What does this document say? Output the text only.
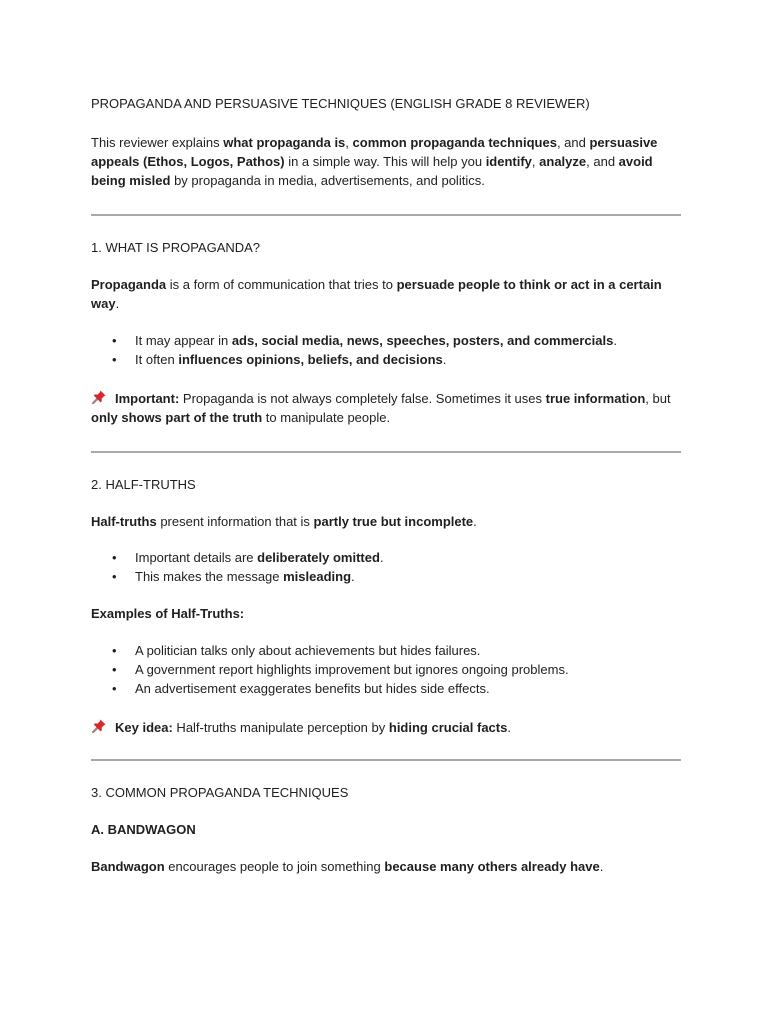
PROPAGANDA AND PERSUASIVE TECHNIQUES (ENGLISH GRADE 8 REVIEWER)

This reviewer explains what propaganda is, common propaganda techniques, and persuasive appeals (Ethos, Logos, Pathos) in a simple way. This will help you identify, analyze, and avoid being misled by propaganda in media, advertisements, and politics.

1. WHAT IS PROPAGANDA?

Propaganda is a form of communication that tries to persuade people to think or act in a certain way.

• It may appear in ads, social media, news, speeches, posters, and commercials.
• It often influences opinions, beliefs, and decisions.

Important: Propaganda is not always completely false. Sometimes it uses true information, but only shows part of the truth to manipulate people.

2. HALF-TRUTHS

Half-truths present information that is partly true but incomplete.

• Important details are deliberately omitted.
• This makes the message misleading.

Examples of Half-Truths:

• A politician talks only about achievements but hides failures.
• A government report highlights improvement but ignores ongoing problems.
• An advertisement exaggerates benefits but hides side effects.

Key idea: Half-truths manipulate perception by hiding crucial facts.

3. COMMON PROPAGANDA TECHNIQUES
A. BANDWAGON

Bandwagon encourages people to join something because many others already have.
